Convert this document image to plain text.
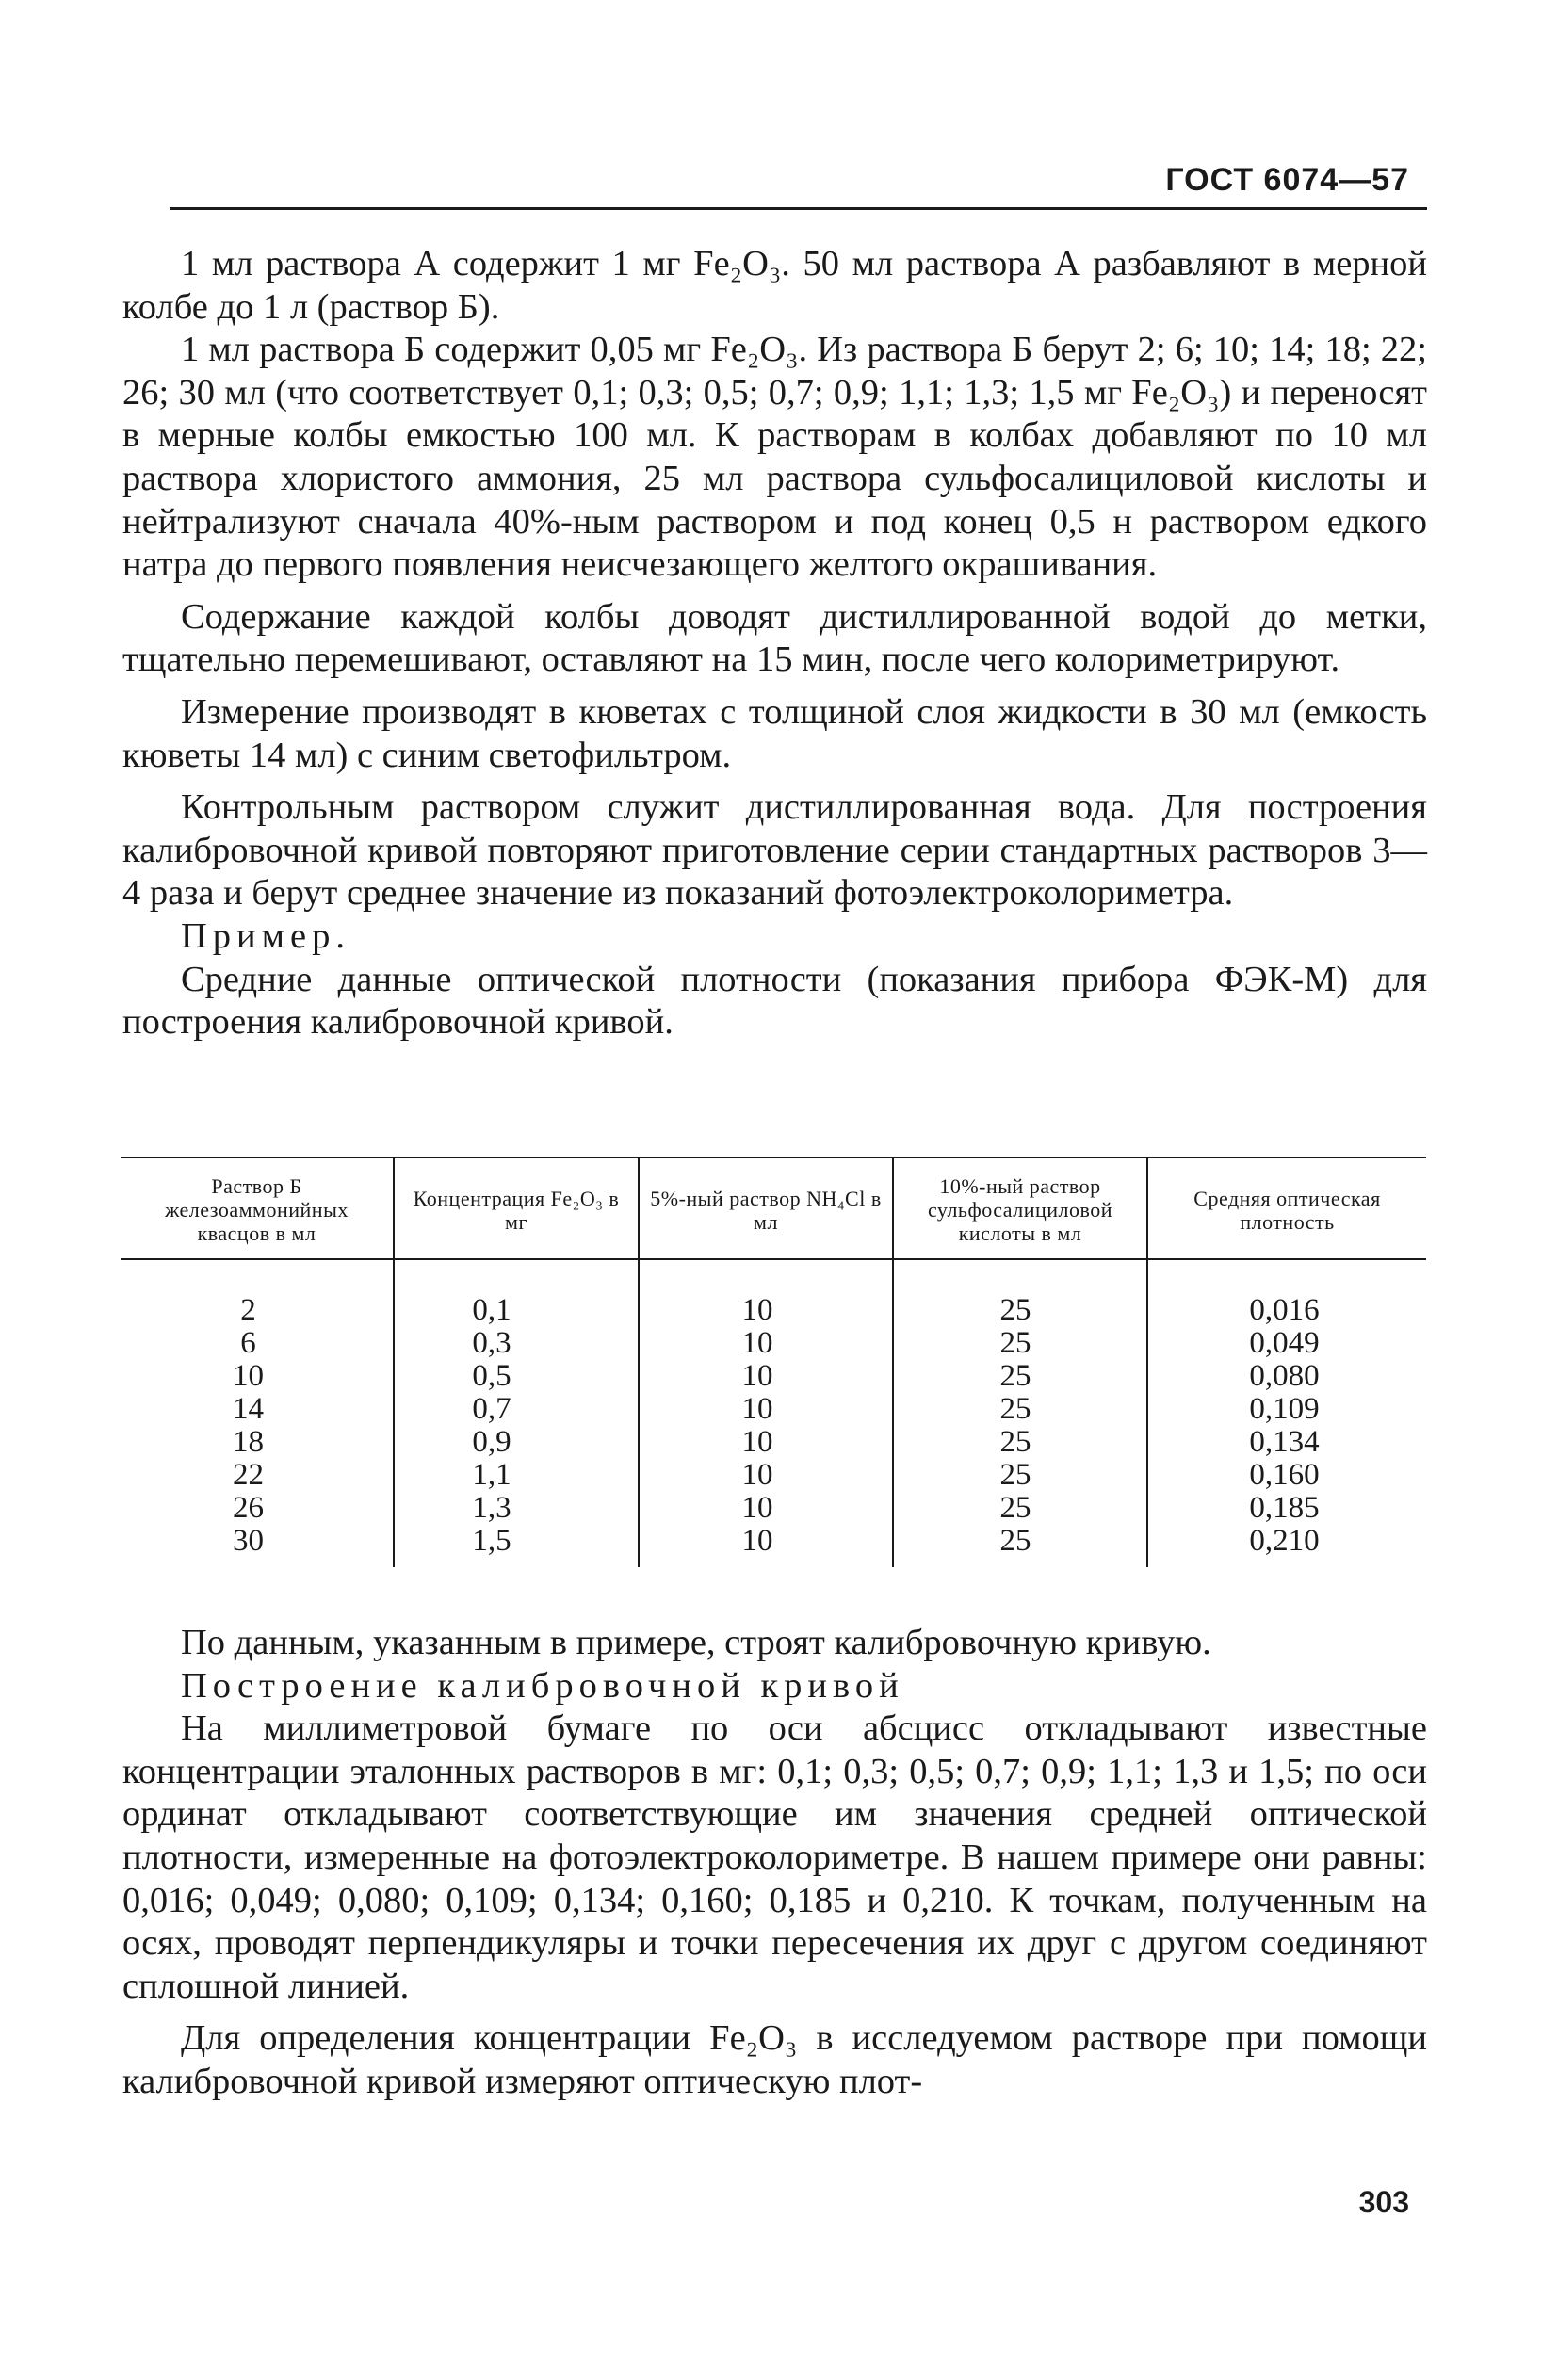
ГОСТ 6074—57

1 мл раствора А содержит 1 мг Fe₂O₃. 50 мл раствора А разбавляют в мерной колбе до 1 л (раствор Б).

1 мл раствора Б содержит 0,05 мг Fe₂O₃. Из раствора Б берут 2; 6; 10; 14; 18; 22; 26; 30 мл (что соответствует 0,1; 0,3; 0,5; 0,7; 0,9; 1,1; 1,3; 1,5 мг Fe₂O₃) и переносят в мерные колбы емкостью 100 мл. К растворам в колбах добавляют по 10 мл раствора хлористого аммония, 25 мл раствора сульфосалициловой кислоты и нейтрализуют сначала 40%-ным раствором и под конец 0,5 н раствором едкого натра до первого появления неисчезающего желтого окрашивания.

Содержание каждой колбы доводят дистиллированной водой до метки, тщательно перемешивают, оставляют на 15 мин, после чего колориметрируют.

Измерение производят в кюветах с толщиной слоя жидкости в 30 мл (емкость кюветы 14 мл) с синим светофильтром.

Контрольным раствором служит дистиллированная вода. Для построения калибровочной кривой повторяют приготовление серии стандартных растворов 3—4 раза и берут среднее значение из показаний фотоэлектроколориметра.

Пример.

Средние данные оптической плотности (показания прибора ФЭК-М) для построения калибровочной кривой.

Раствор Б железоаммонийных квасцов в мл	Концентрация Fe₂O₃ в мг	5%-ный раствор NH₄Cl в мл	10%-ный раствор сульфосалициловой кислоты в мл	Средняя оптическая плотность
2	0,1	10	25	0,016
6	0,3	10	25	0,049
10	0,5	10	25	0,080
14	0,7	10	25	0,109
18	0,9	10	25	0,134
22	1,1	10	25	0,160
26	1,3	10	25	0,185
30	1,5	10	25	0,210

По данным, указанным в примере, строят калибровочную кривую.

Построение калибровочной кривой

На миллиметровой бумаге по оси абсцисс откладывают известные концентрации эталонных растворов в мг: 0,1; 0,3; 0,5; 0,7; 0,9; 1,1; 1,3 и 1,5; по оси ординат откладывают соответствующие им значения средней оптической плотности, измеренные на фотоэлектроколориметре. В нашем примере они равны: 0,016; 0,049; 0,080; 0,109; 0,134; 0,160; 0,185 и 0,210. К точкам, полученным на осях, проводят перпендикуляры и точки пересечения их друг с другом соединяют сплошной линией.

Для определения концентрации Fe₂O₃ в исследуемом растворе при помощи калибровочной кривой измеряют оптическую плот-

303
